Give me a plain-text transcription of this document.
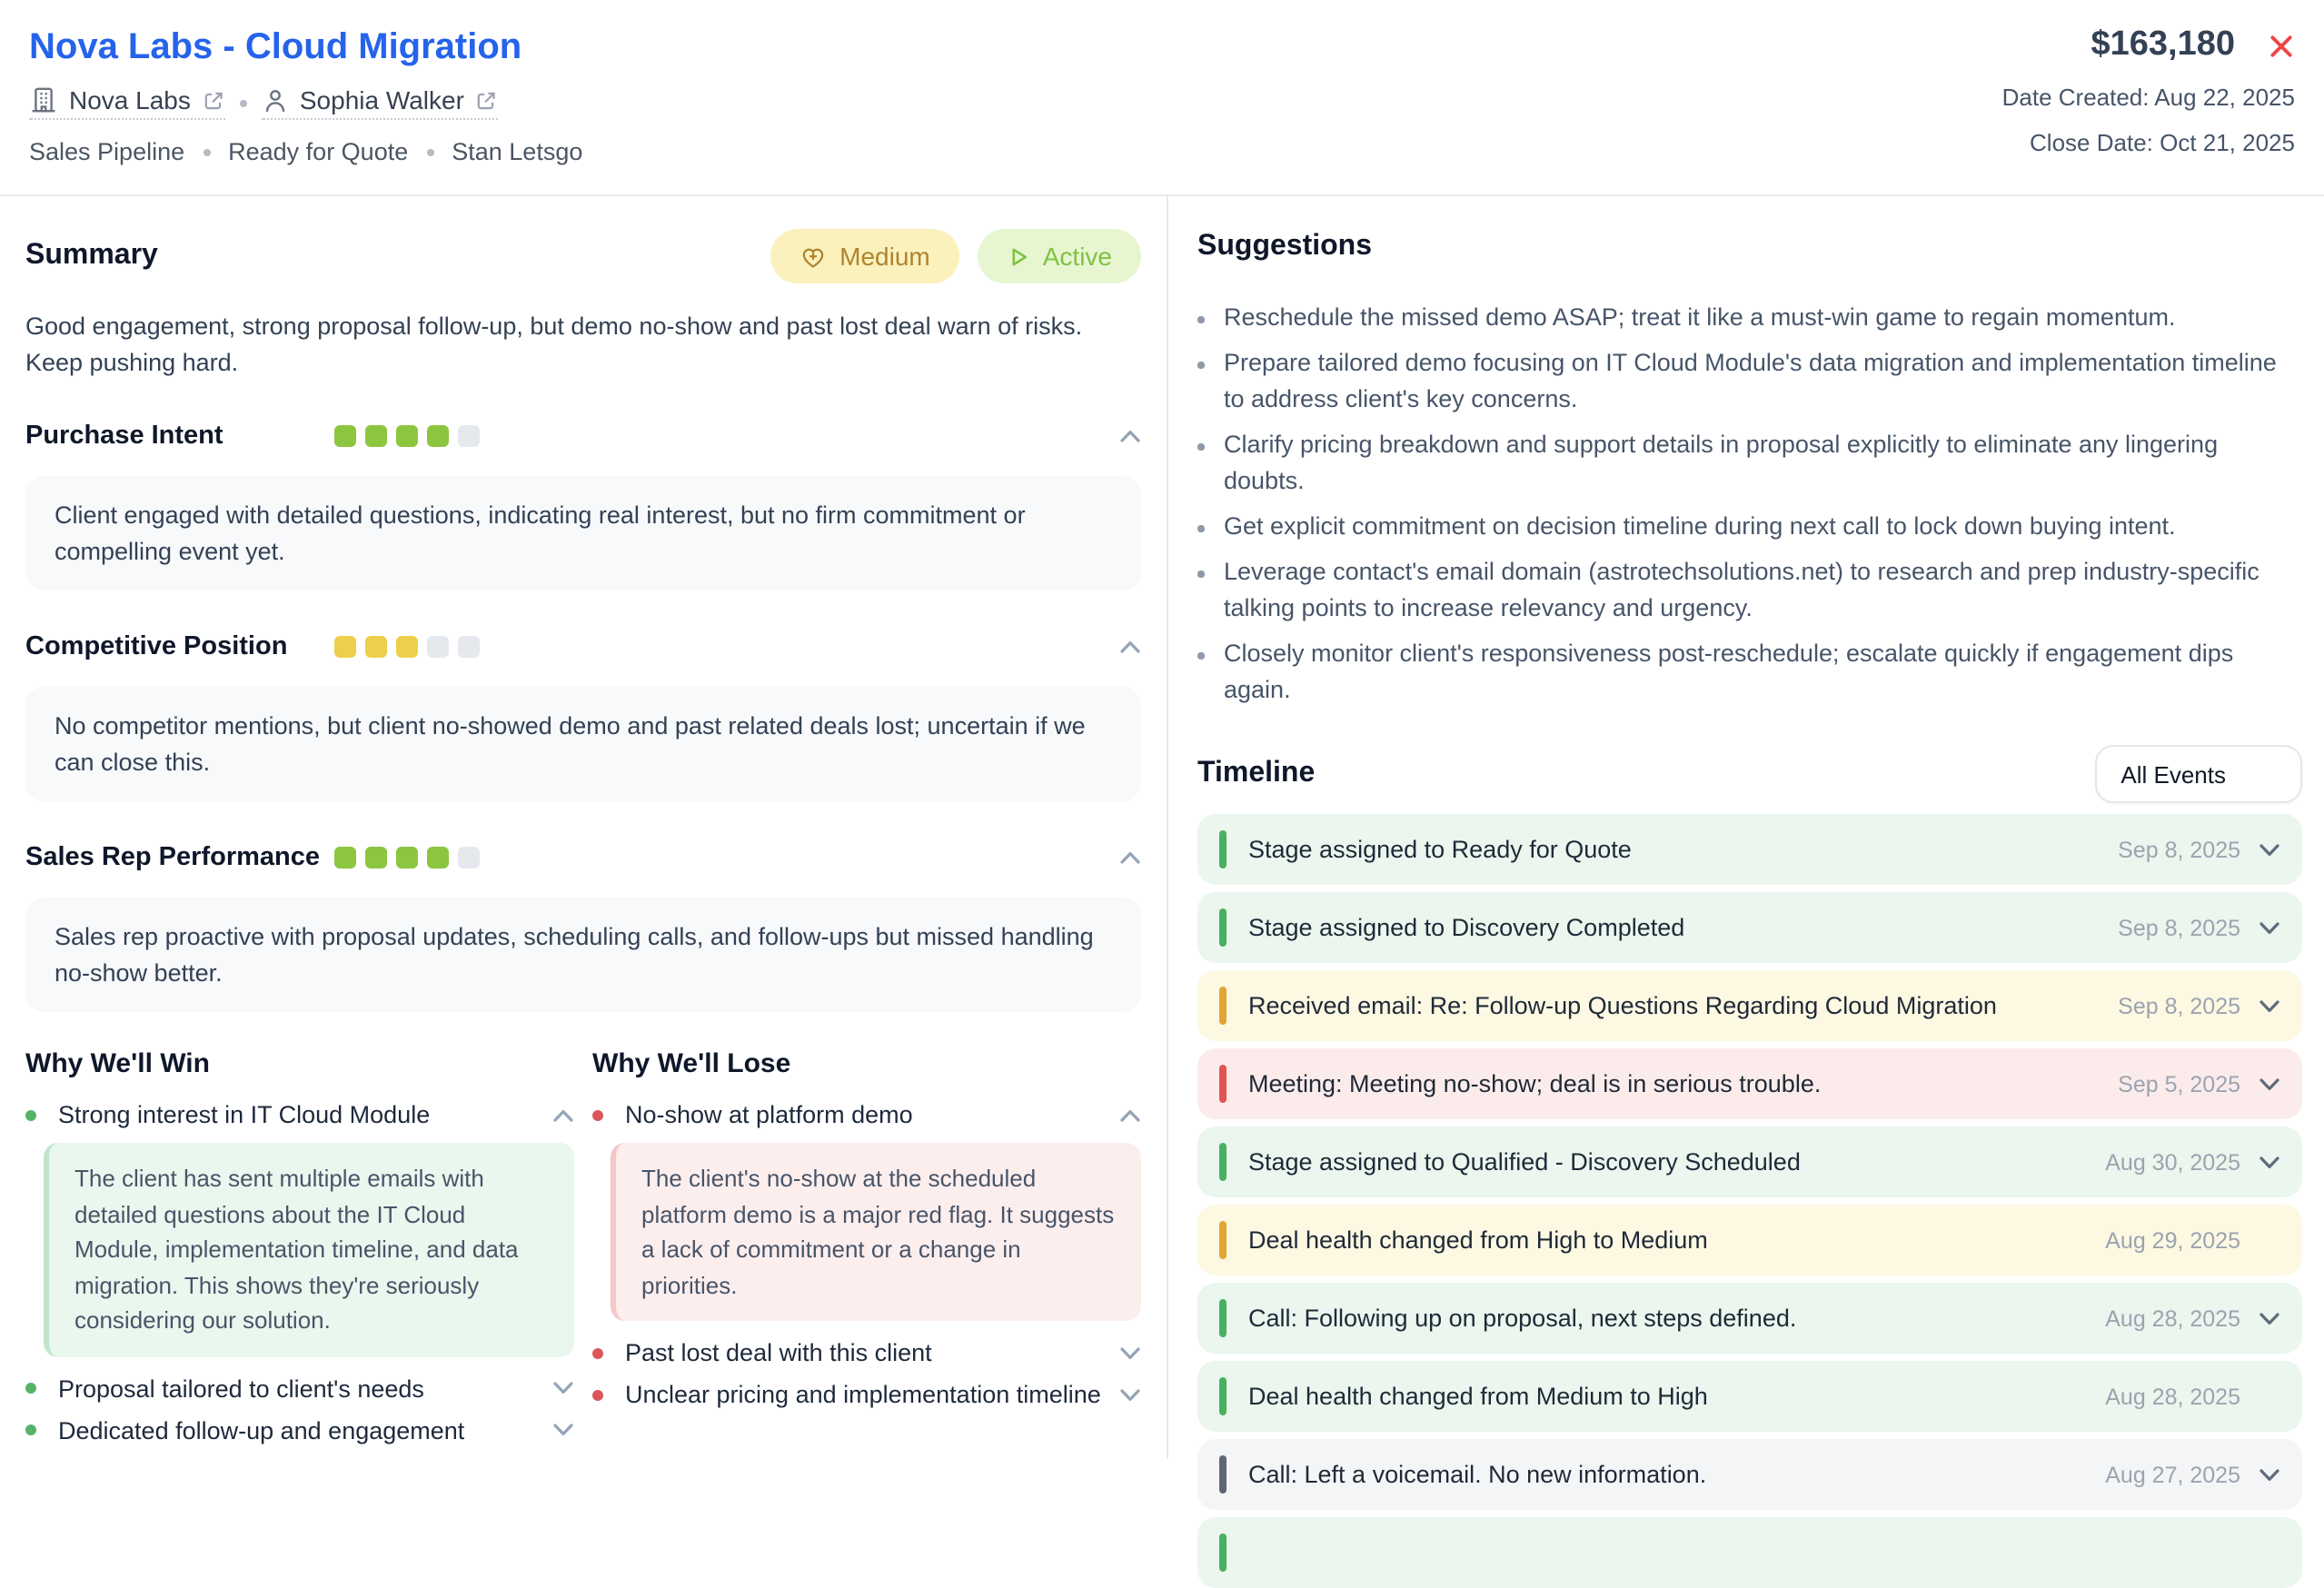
Nova Labs - Cloud Migration
Nova Labs	Sophia Walker
Sales Pipeline	Ready for Quote	Stan Letsgo
$163,180
Date Created: Aug 22, 2025
Close Date: Oct 21, 2025
Summary	Medium	Active

Good engagement, strong proposal follow-up, but demo no-show and past lost deal warn of risks. Keep pushing hard.

Purchase Intent
Client engaged with detailed questions, indicating real interest, but no firm commitment or compelling event yet.
Competitive Position
No competitor mentions, but client no-showed demo and past related deals lost; uncertain if we can close this.
Sales Rep Performance
Sales rep proactive with proposal updates, scheduling calls, and follow-ups but missed handling no-show better.
Why We'll Win
Strong interest in IT Cloud Module
The client has sent multiple emails with detailed questions about the IT Cloud Module, implementation timeline, and data migration. This shows they're seriously considering our solution.
Proposal tailored to client's needs
Dedicated follow-up and engagement
Why We'll Lose
No-show at platform demo
The client's no-show at the scheduled platform demo is a major red flag. It suggests a lack of commitment or a change in priorities.
Past lost deal with this client
Unclear pricing and implementation timeline
Suggestions
Reschedule the missed demo ASAP; treat it like a must-win game to regain momentum.
Prepare tailored demo focusing on IT Cloud Module's data migration and implementation timeline to address client's key concerns.
Clarify pricing breakdown and support details in proposal explicitly to eliminate any lingering doubts.
Get explicit commitment on decision timeline during next call to lock down buying intent.
Leverage contact's email domain (astrotechsolutions.net) to research and prep industry-specific talking points to increase relevancy and urgency.
Closely monitor client's responsiveness post-reschedule; escalate quickly if engagement dips again.
Timeline	All Events
Stage assigned to Ready for Quote	Sep 8, 2025
Stage assigned to Discovery Completed	Sep 8, 2025
Received email: Re: Follow-up Questions Regarding Cloud Migration	Sep 8, 2025
Meeting: Meeting no-show; deal is in serious trouble.	Sep 5, 2025
Stage assigned to Qualified - Discovery Scheduled	Aug 30, 2025
Deal health changed from High to Medium	Aug 29, 2025
Call: Following up on proposal, next steps defined.	Aug 28, 2025
Deal health changed from Medium to High	Aug 28, 2025
Call: Left a voicemail. No new information.	Aug 27, 2025
